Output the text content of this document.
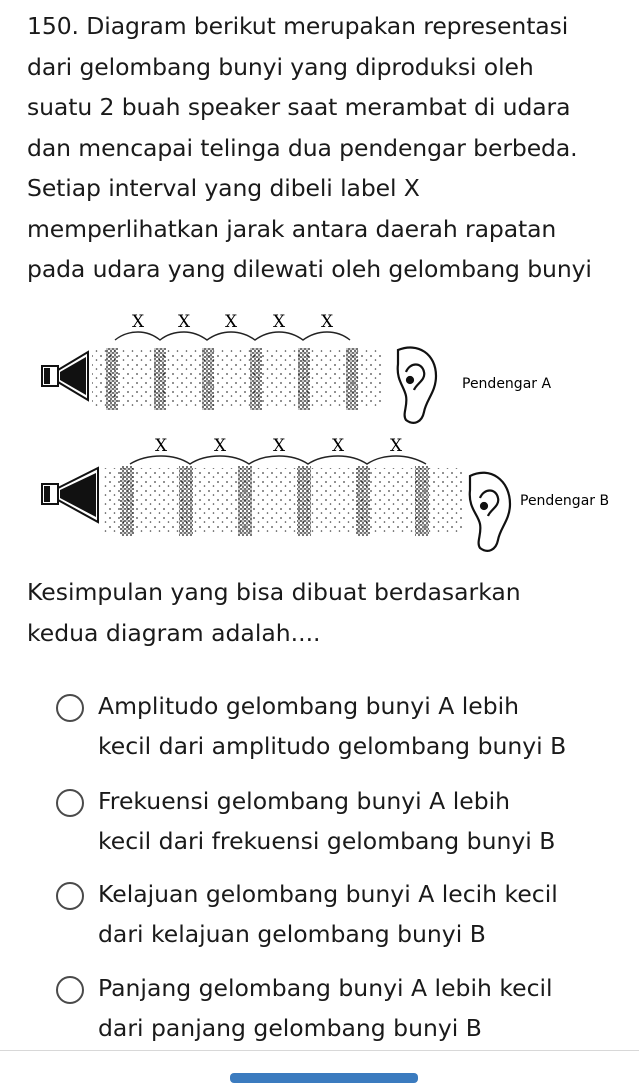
150. Diagram berikut merupakan representasi
dari gelombang bunyi yang diproduksi oleh
suatu 2 buah speaker saat merambat di udara
dan mencapai telinga dua pendengar berbeda.
Setiap interval yang dibeli label X
memperlihatkan jarak antara daerah rapatan
pada udara yang dilewati oleh gelombang bunyi
X X X X X
Pendengar A
X	X	X	X	X
Pendengar B
Kesimpulan yang bisa dibuat berdasarkan
kedua diagram adalah....
Amplitudo gelombang bunyi A lebih
kecil dari amplitudo gelombang bunyi B
Frekuensi gelombang bunyi A lebih
kecil dari frekuensi gelombang bunyi B
Kelajuan gelombang bunyi A lecih kecil
dari kelajuan gelombang bunyi B
Panjang gelombang bunyi A lebih kecil
dari panjang gelombang bunyi B
